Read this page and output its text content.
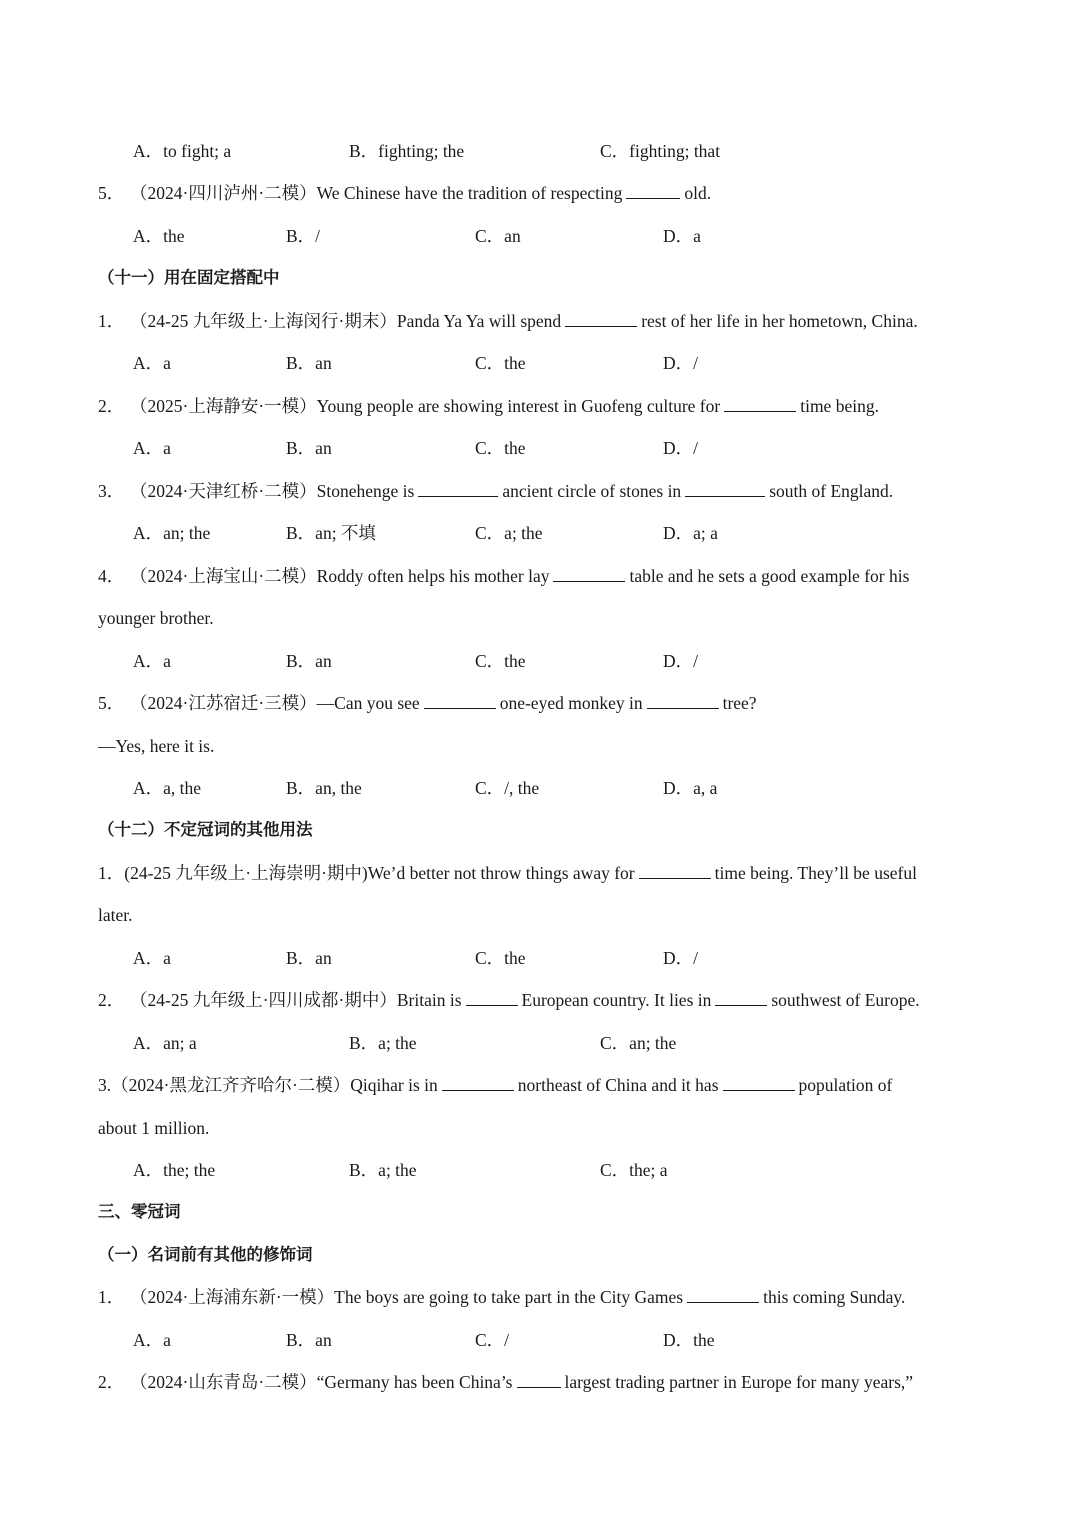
A．to fight; a	B．fighting; the	C．fighting; that
5． （2024·四川泸州·二模）We Chinese have the tradition of respecting	old.
A．the	B．/	C．an	D．a
（十一）用在固定搭配中
1． （24-25 九年级上·上海闵行·期末）Panda Ya Ya will spend	rest of her life in her hometown, China.
A．a	B．an	C．the	D．/
2． （2025·上海静安·一模）Young people are showing interest in Guofeng culture for	time being.
A．a	B．an	C．the	D．/
3． （2024·天津红桥·二模）Stonehenge is	ancient circle of stones in	south of England.
A．an; the	B．an; 不填	C．a; the	D．a; a
4． （2024·上海宝山·二模）Roddy often helps his mother lay	table and he sets a good example for his
younger brother.
A．a	B．an	C．the	D．/
5． （2024·江苏宿迁·三模）—Can you see	one-eyed monkey in	tree?
—Yes, here it is.
A．a, the	B．an, the	C．/, the	D．a, a
（十二）不定冠词的其他用法
1．(24-25 九年级上·上海崇明·期中)We’d better not throw things away for	time being. They’ll be useful
later.
A．a	B．an	C．the	D．/
2． （24-25 九年级上·四川成都·期中）Britain is	European country. It lies in	southwest of Europe.
A．an; a	B．a; the	C．an; the
3.（2024·黑龙江齐齐哈尔·二模）Qiqihar is in	northeast of China and it has	population of
about 1 million.
A．the; the	B．a; the	C．the; a
三、零冠词
（一）名词前有其他的修饰词
1． （2024·上海浦东新·一模）The boys are going to take part in the City Games	this coming Sunday.
A．a	B．an	C．/	D．the
2． （2024·山东青岛·二模）“Germany has been China’s	largest trading partner in Europe for many years,”
